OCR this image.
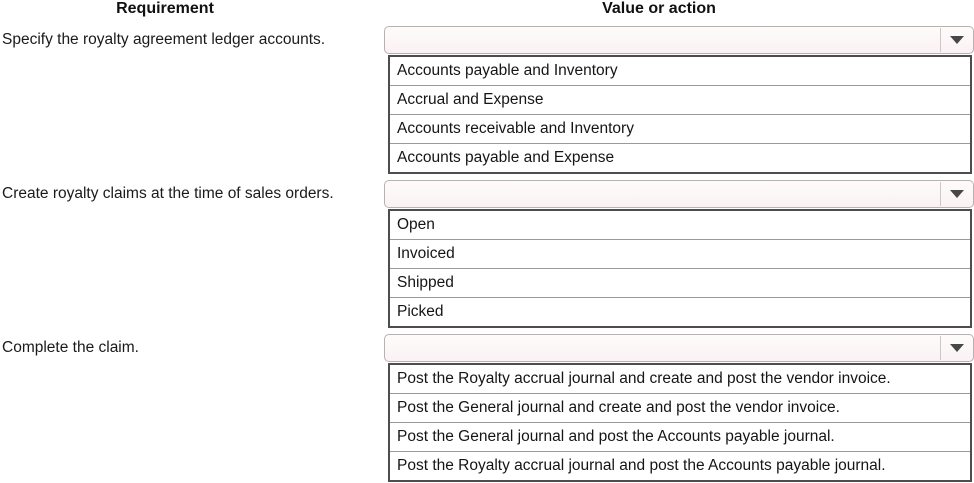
Requirement	Value or action
Specify the royalty agreement ledger accounts.
Accounts payable and Inventory
Accrual and Expense
Accounts receivable and Inventory
Accounts payable and Expense
Create royalty claims at the time of sales orders.
Open
Invoiced
Shipped
Picked
Complete the claim.
Post the Royalty accrual journal and create and post the vendor invoice.
Post the General journal and create and post the vendor invoice.
Post the General journal and post the Accounts payable journal.
Post the Royalty accrual journal and post the Accounts payable journal.
